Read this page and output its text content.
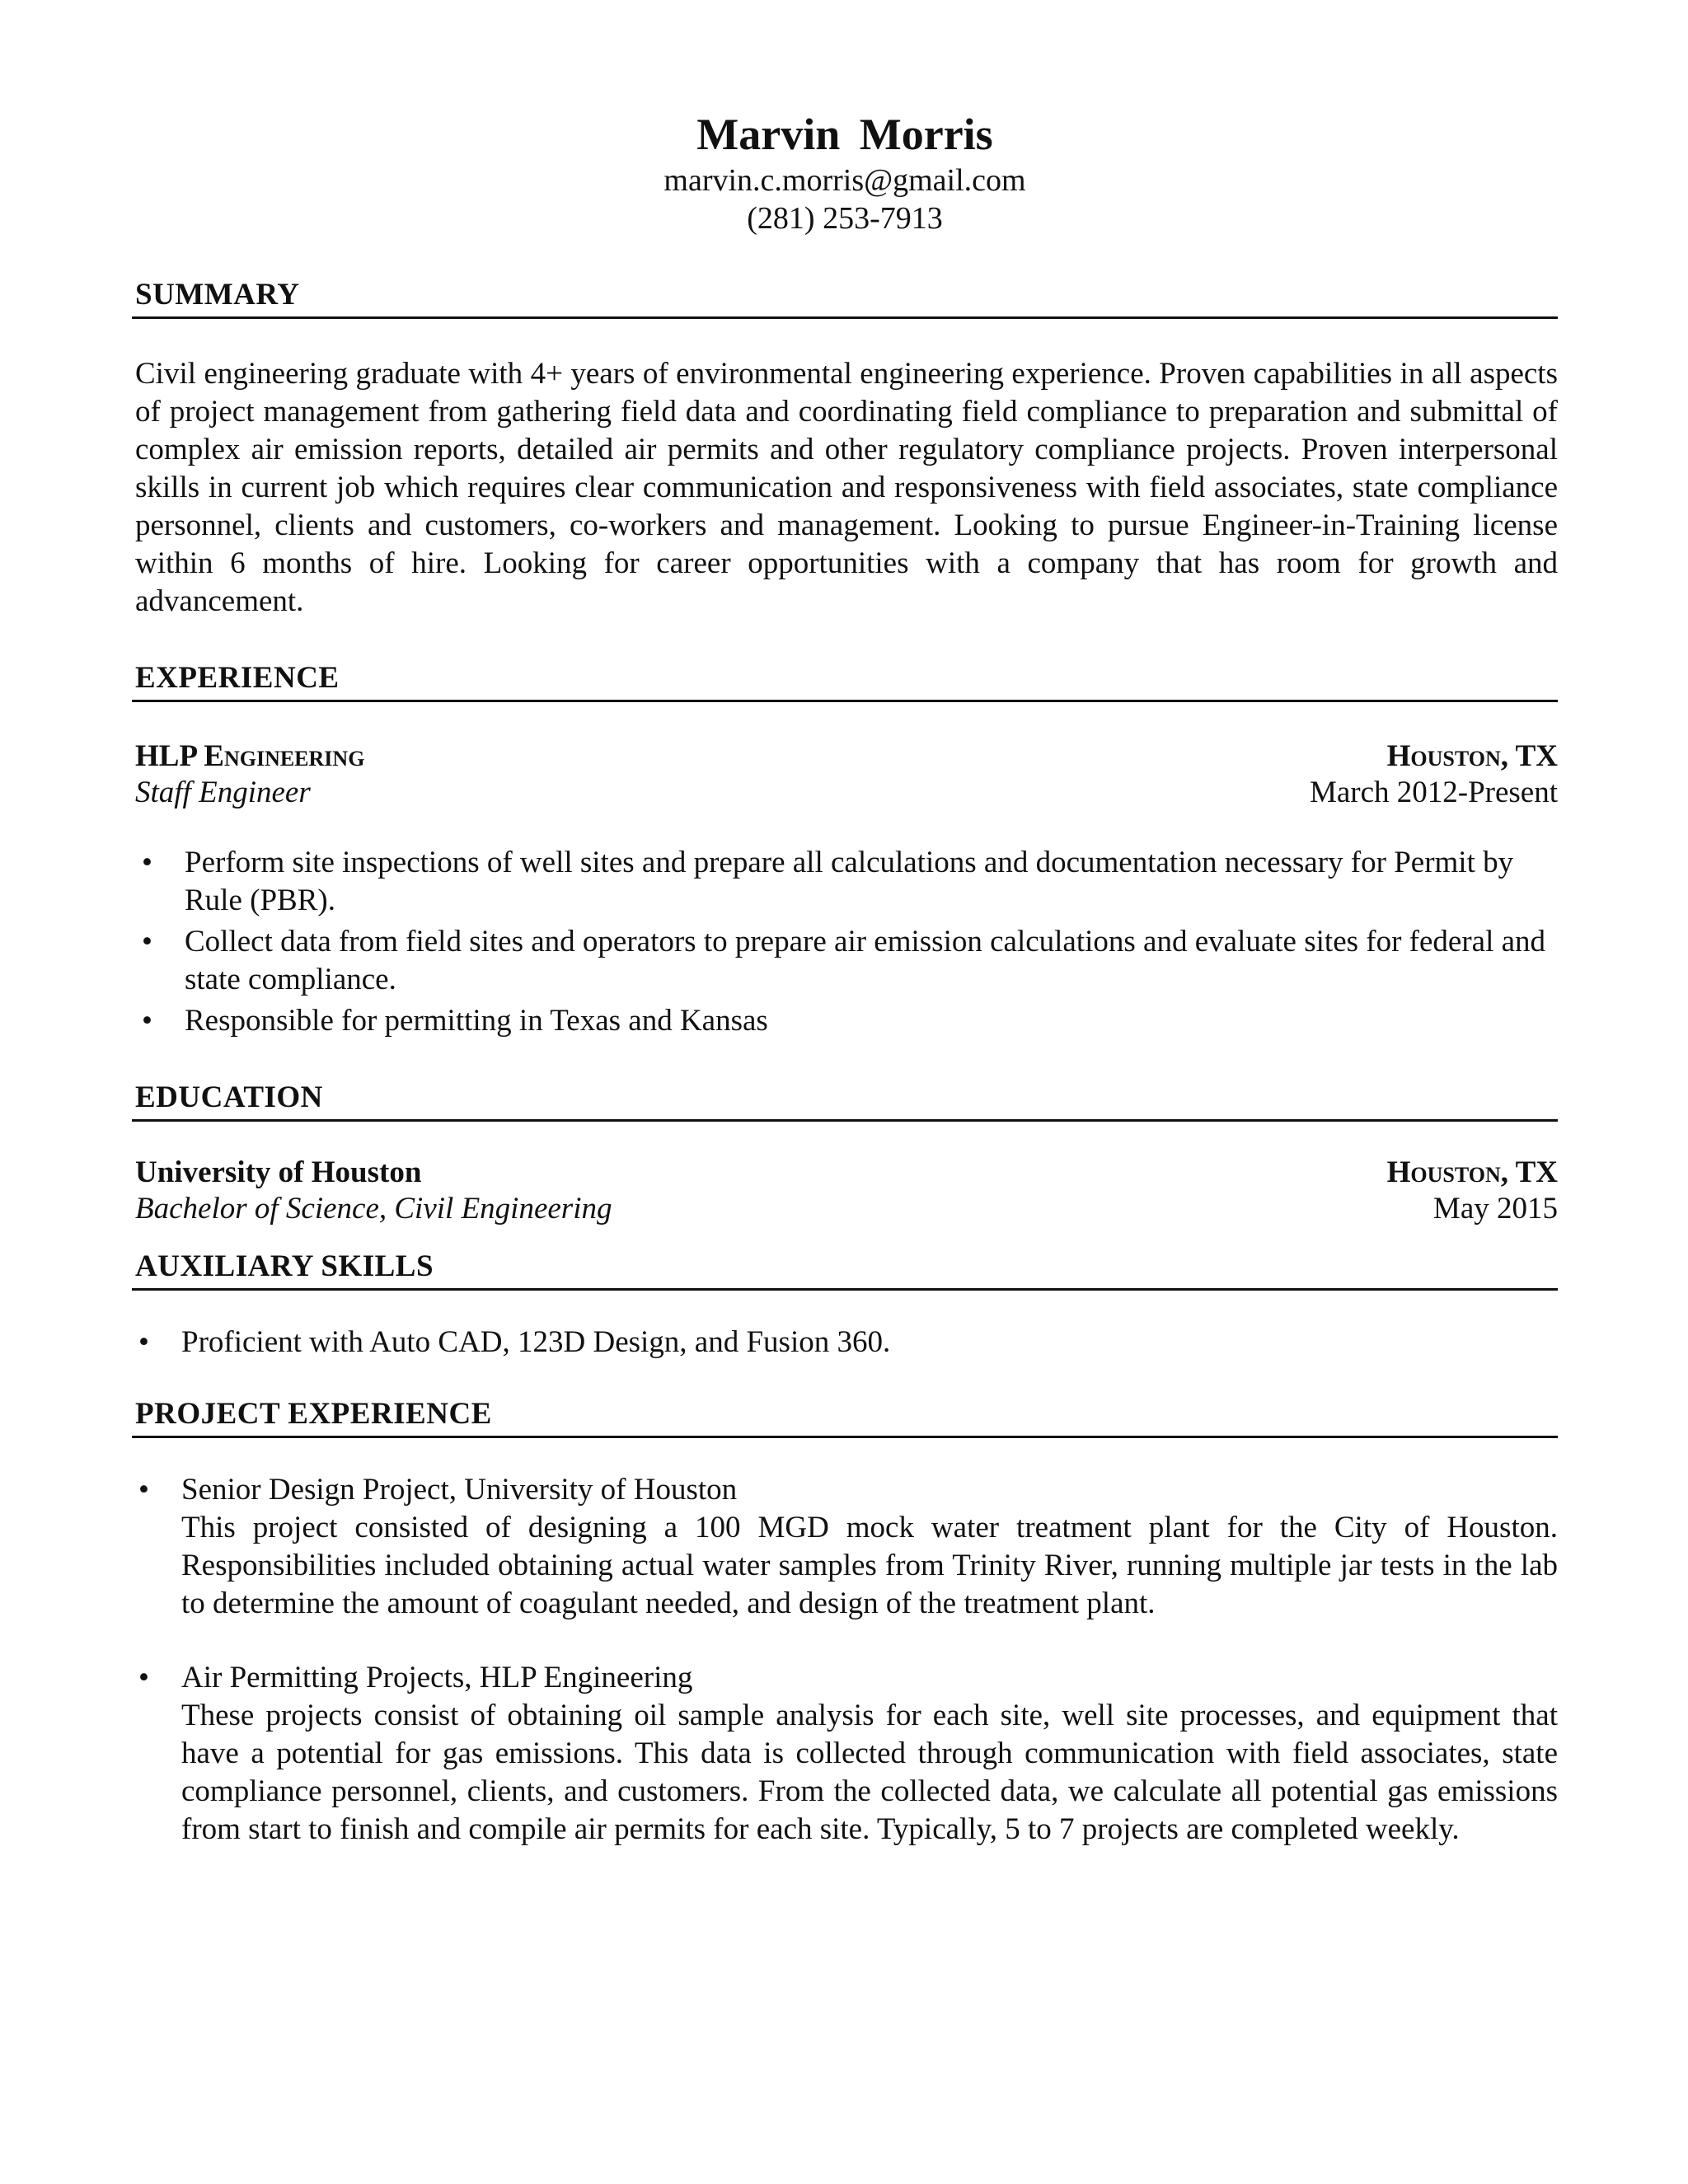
Marvin Morris
marvin.c.morris@gmail.com
(281) 253-7913
SUMMARY
Civil engineering graduate with 4+ years of environmental engineering experience. Proven capabilities in all aspects of project management from gathering field data and coordinating field compliance to preparation and submittal of complex air emission reports, detailed air permits and other regulatory compliance projects. Proven interpersonal skills in current job which requires clear communication and responsiveness with field associates, state compliance personnel, clients and customers, co-workers and management. Looking to pursue Engineer-in-Training license within 6 months of hire. Looking for career opportunities with a company that has room for growth and advancement.
EXPERIENCE
HLP Engineering	Houston, TX
Staff Engineer	March 2012-Present
• Perform site inspections of well sites and prepare all calculations and documentation necessary for Permit by Rule (PBR).
• Collect data from field sites and operators to prepare air emission calculations and evaluate sites for federal and state compliance.
• Responsible for permitting in Texas and Kansas
EDUCATION
University of Houston	Houston, TX
Bachelor of Science, Civil Engineering	May 2015
AUXILIARY SKILLS
• Proficient with Auto CAD, 123D Design, and Fusion 360.
PROJECT EXPERIENCE
• Senior Design Project, University of Houston
This project consisted of designing a 100 MGD mock water treatment plant for the City of Houston. Responsibilities included obtaining actual water samples from Trinity River, running multiple jar tests in the lab to determine the amount of coagulant needed, and design of the treatment plant.
• Air Permitting Projects, HLP Engineering
These projects consist of obtaining oil sample analysis for each site, well site processes, and equipment that have a potential for gas emissions. This data is collected through communication with field associates, state compliance personnel, clients, and customers. From the collected data, we calculate all potential gas emissions from start to finish and compile air permits for each site. Typically, 5 to 7 projects are completed weekly.
